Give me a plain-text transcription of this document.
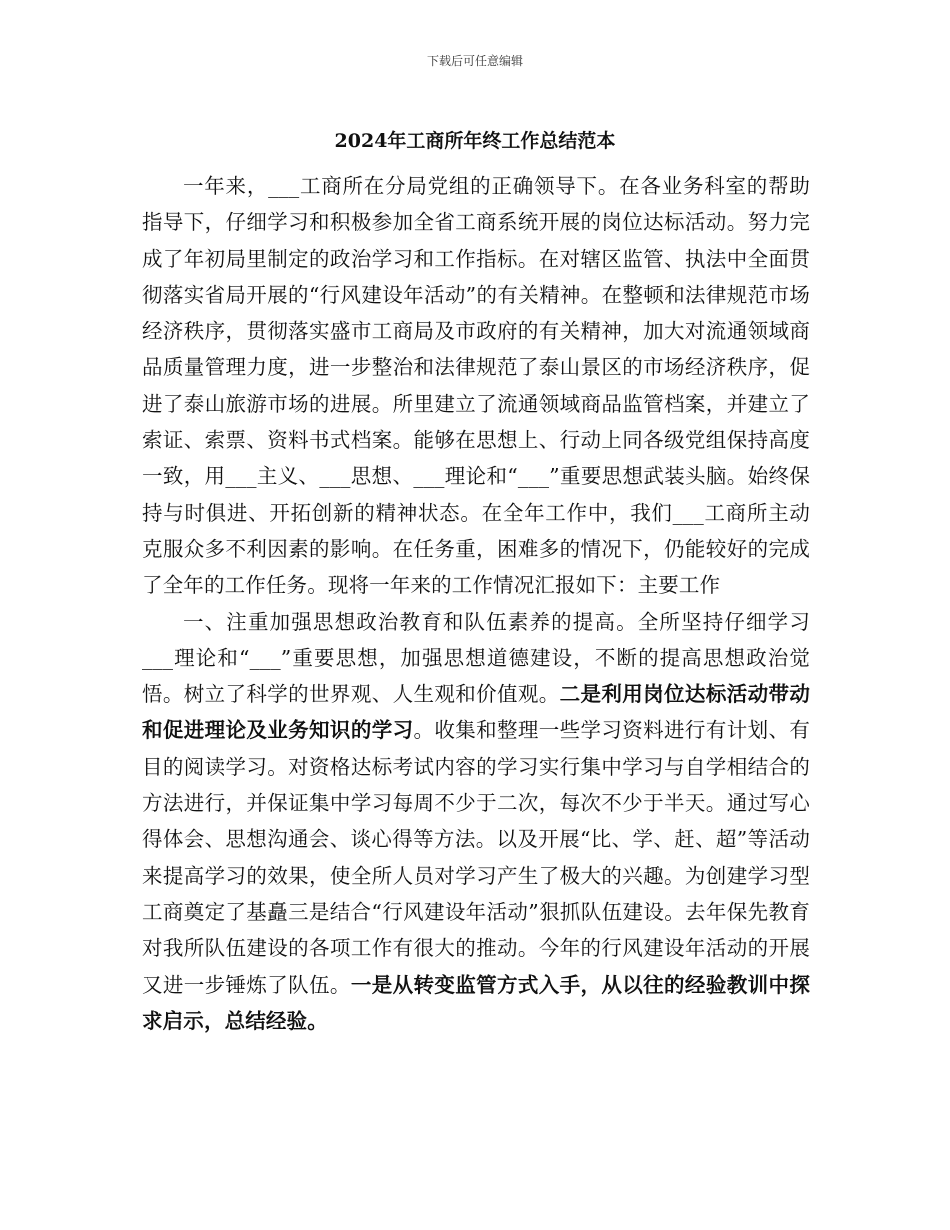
下载后可任意编辑
2024年工商所年终工作总结范本

一年来，___工商所在分局党组的正确领导下。在各业务科室的帮助指导下，仔细学习和积极参加全省工商系统开展的岗位达标活动。努力完成了年初局里制定的政治学习和工作指标。在对辖区监管、执法中全面贯彻落实省局开展的“行风建设年活动”的有关精神。在整顿和法律规范市场经济秩序，贯彻落实盛市工商局及市政府的有关精神，加大对流通领域商品质量管理力度，进一步整治和法律规范了泰山景区的市场经济秩序，促进了泰山旅游市场的进展。所里建立了流通领域商品监管档案，并建立了索证、索票、资料书式档案。能够在思想上、行动上同各级党组保持高度一致，用___主义、___思想、___理论和“___”重要思想武装头脑。始终保持与时俱进、开拓创新的精神状态。在全年工作中，我们___工商所主动克服众多不利因素的影响。在任务重，困难多的情况下，仍能较好的完成了全年的工作任务。现将一年来的工作情况汇报如下：主要工作

一、注重加强思想政治教育和队伍素养的提高。全所坚持仔细学习___理论和“___”重要思想，加强思想道德建设，不断的提高思想政治觉悟。树立了科学的世界观、人生观和价值观。二是利用岗位达标活动带动和促进理论及业务知识的学习。收集和整理一些学习资料进行有计划、有目的阅读学习。对资格达标考试内容的学习实行集中学习与自学相结合的方法进行，并保证集中学习每周不少于二次，每次不少于半天。通过写心得体会、思想沟通会、谈心得等方法。以及开展“比、学、赶、超”等活动来提高学习的效果，使全所人员对学习产生了极大的兴趣。为创建学习型工商奠定了基矗三是结合“行风建设年活动”狠抓队伍建设。去年保先教育对我所队伍建设的各项工作有很大的推动。今年的行风建设年活动的开展又进一步锤炼了队伍。一是从转变监管方式入手，从以往的经验教训中探求启示，总结经验。
